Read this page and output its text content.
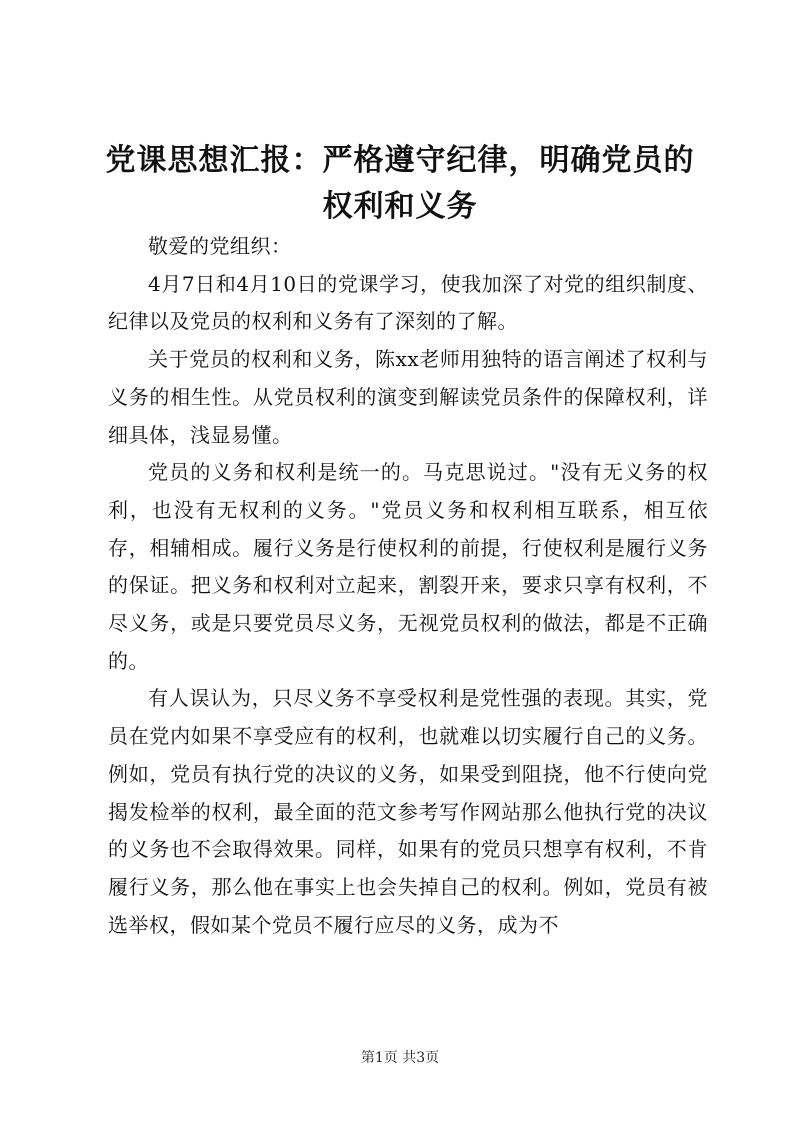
党课思想汇报：严格遵守纪律，明确党员的权利和义务

敬爱的党组织：

4月7日和4月10日的党课学习，使我加深了对党的组织制度、纪律以及党员的权利和义务有了深刻的了解。

关于党员的权利和义务，陈xx老师用独特的语言阐述了权利与义务的相生性。从党员权利的演变到解读党员条件的保障权利，详细具体，浅显易懂。

党员的义务和权利是统一的。马克思说过。"没有无义务的权利，也没有无权利的义务。"党员义务和权利相互联系，相互依存，相辅相成。履行义务是行使权利的前提，行使权利是履行义务的保证。把义务和权利对立起来，割裂开来，要求只享有权利，不尽义务，或是只要党员尽义务，无视党员权利的做法，都是不正确的。

有人误认为，只尽义务不享受权利是党性强的表现。其实，党员在党内如果不享受应有的权利，也就难以切实履行自己的义务。例如，党员有执行党的决议的义务，如果受到阻挠，他不行使向党揭发检举的权利，最全面的范文参考写作网站那么他执行党的决议的义务也不会取得效果。同样，如果有的党员只想享有权利，不肯履行义务，那么他在事实上也会失掉自己的权利。例如，党员有被选举权，假如某个党员不履行应尽的义务，成为不

第1页 共3页
